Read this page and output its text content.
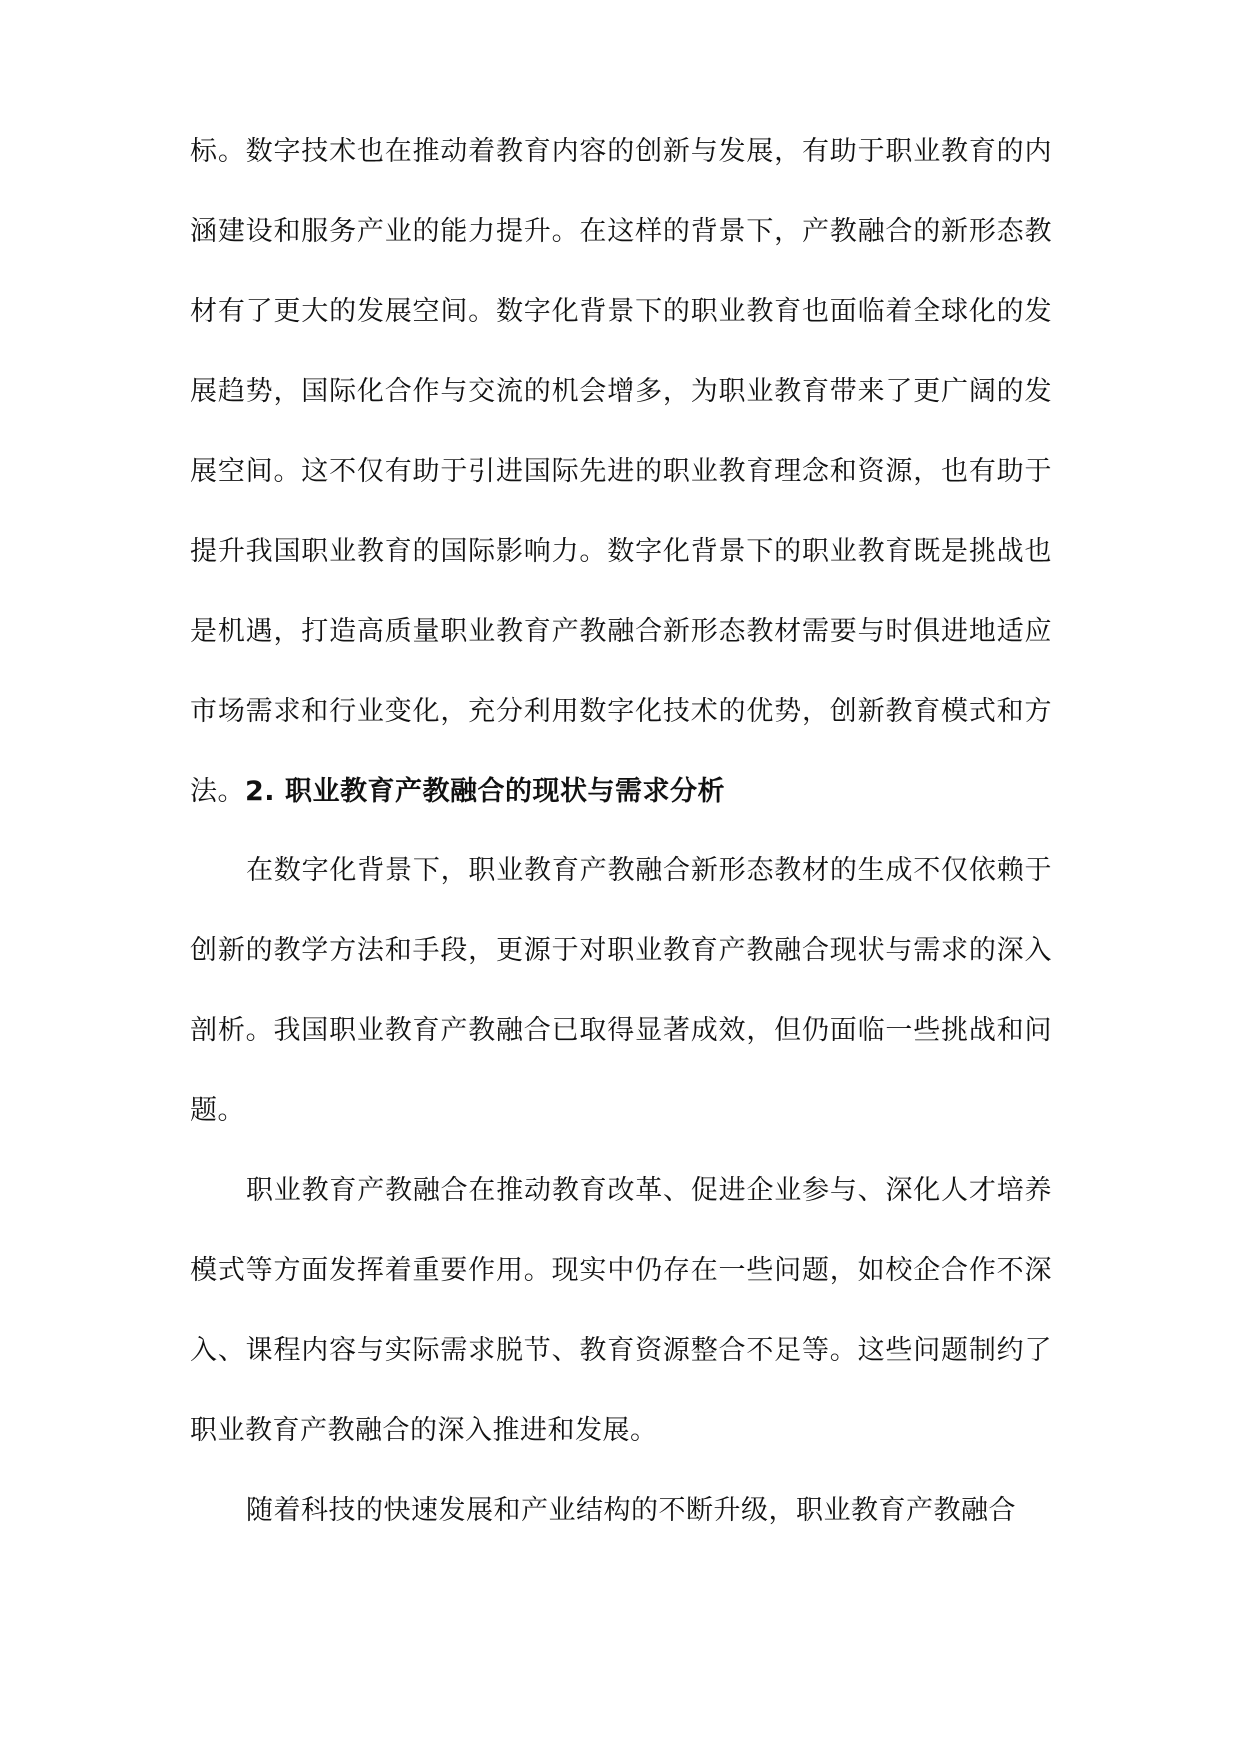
标。数字技术也在推动着教育内容的创新与发展，有助于职业教育的内涵建设和服务产业的能力提升。在这样的背景下，产教融合的新形态教材有了更大的发展空间。数字化背景下的职业教育也面临着全球化的发展趋势，国际化合作与交流的机会增多，为职业教育带来了更广阔的发展空间。这不仅有助于引进国际先进的职业教育理念和资源，也有助于提升我国职业教育的国际影响力。数字化背景下的职业教育既是挑战也是机遇，打造高质量职业教育产教融合新形态教材需要与时俱进地适应市场需求和行业变化，充分利用数字化技术的优势，创新教育模式和方法。 2. 职业教育产教融合的现状与需求分析

在数字化背景下，职业教育产教融合新形态教材的生成不仅依赖于创新的教学方法和手段，更源于对职业教育产教融合现状与需求的深入剖析。我国职业教育产教融合已取得显著成效，但仍面临一些挑战和问题。

职业教育产教融合在推动教育改革、促进企业参与、深化人才培养模式等方面发挥着重要作用。现实中仍存在一些问题，如校企合作不深入、课程内容与实际需求脱节、教育资源整合不足等。这些问题制约了职业教育产教融合的深入推进和发展。

随着科技的快速发展和产业结构的不断升级，职业教育产教融合
